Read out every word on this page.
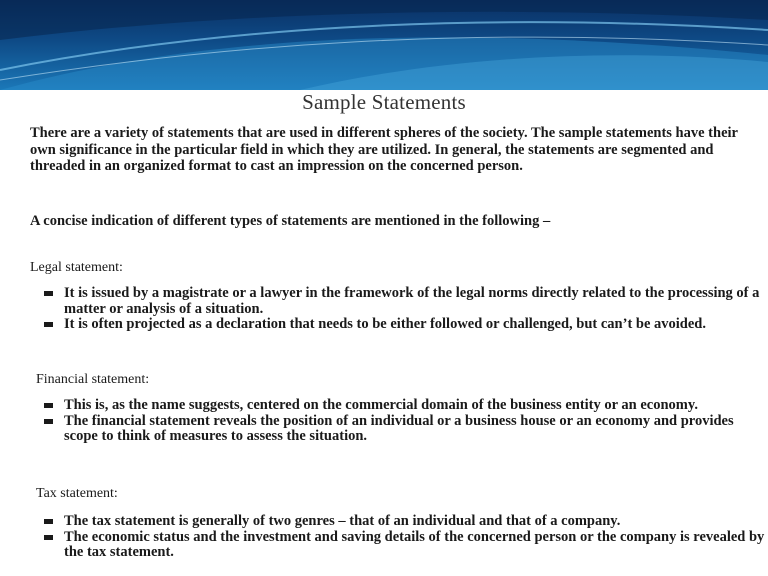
Sample Statements
There are a variety of statements that are used in different spheres of the society. The sample statements have their own significance in the particular field in which they are utilized. In general, the statements are segmented and threaded in an organized format to cast an impression on the concerned person.
A concise indication of different types of statements are mentioned in the following –
Legal statement:
It is issued by a magistrate or a lawyer in the framework of the legal norms directly related to the processing of a matter or analysis of a situation.
It is often projected as a declaration that needs to be either followed or challenged, but can’t be avoided.
Financial statement:
This is, as the name suggests, centered on the commercial domain of the business entity or an economy.
The financial statement reveals the position of an individual or a business house or an economy and provides scope to think of measures to assess the situation.
Tax statement:
The tax statement is generally of two genres – that of an individual and that of a company.
The economic status and the investment and saving details of the concerned person or the company is revealed by the tax statement.
